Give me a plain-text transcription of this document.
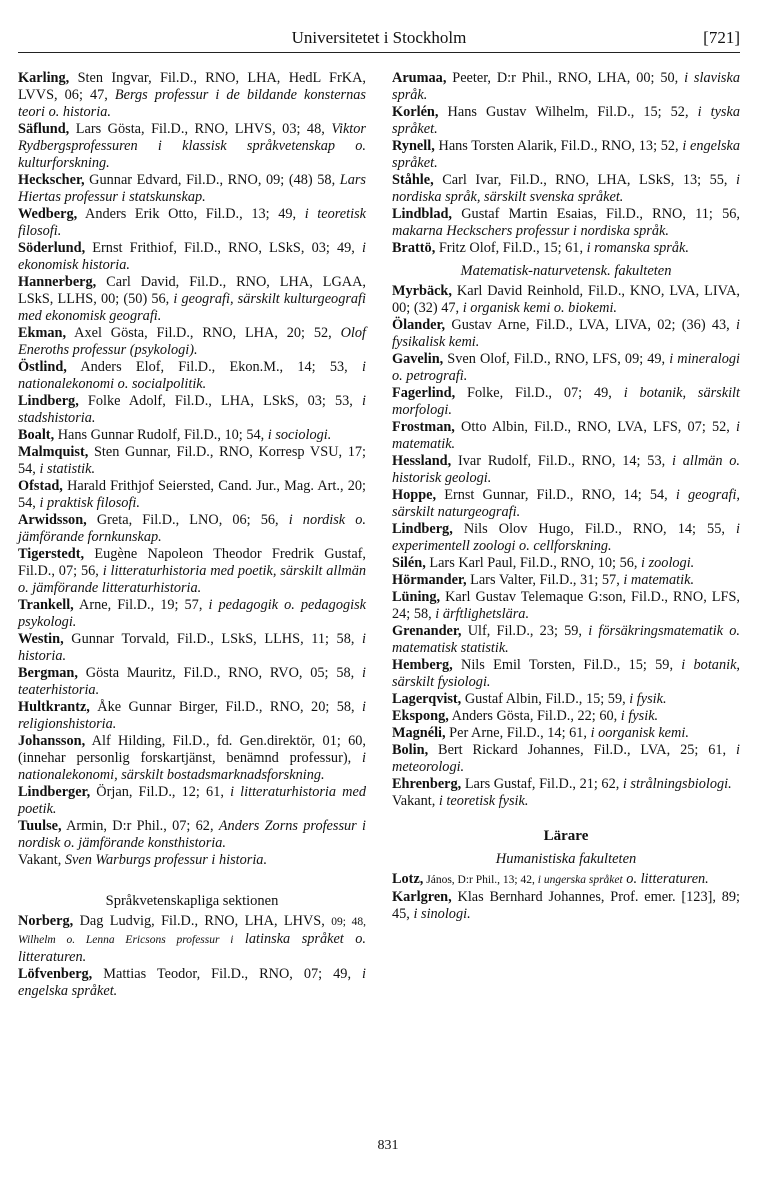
Universitetet i Stockholm	[721]
Karling, Sten Ingvar, Fil.D., RNO, LHA, HedL FrKA, LVVS, 06; 47, Bergs professur i de bildande konsternas teori o. historia.
Säflund, Lars Gösta, Fil.D., RNO, LHVS, 03; 48, Viktor Rydbergsprofessuren i klassisk språkvetenskap o. kulturforskning.
Heckscher, Gunnar Edvard, Fil.D., RNO, 09; (48) 58, Lars Hiertas professur i statskunskap.
Wedberg, Anders Erik Otto, Fil.D., 13; 49, i teoretisk filosofi.
Söderlund, Ernst Frithiof, Fil.D., RNO, LSkS, 03; 49, i ekonomisk historia.
Hannerberg, Carl David, Fil.D., RNO, LHA, LGAA, LSkS, LLHS, 00; (50) 56, i geografi, särskilt kulturgeografi med ekonomisk geografi.
Ekman, Axel Gösta, Fil.D., RNO, LHA, 20; 52, Olof Eneroths professur (psykologi).
Östlind, Anders Elof, Fil.D., Ekon.M., 14; 53, i nationalekonomi o. socialpolitik.
Lindberg, Folke Adolf, Fil.D., LHA, LSkS, 03; 53, i stadshistoria.
Boalt, Hans Gunnar Rudolf, Fil.D., 10; 54, i sociologi.
Malmquist, Sten Gunnar, Fil.D., RNO, Korresp VSU, 17; 54, i statistik.
Ofstad, Harald Frithjof Seiersted, Cand. Jur., Mag. Art., 20; 54, i praktisk filosofi.
Arwidsson, Greta, Fil.D., LNO, 06; 56, i nordisk o. jämförande fornkunskap.
Tigerstedt, Eugène Napoleon Theodor Fredrik Gustaf, Fil.D., 07; 56, i litteraturhistoria med poetik, särskilt allmän o. jämförande litteraturhistoria.
Trankell, Arne, Fil.D., 19; 57, i pedagogik o. pedagogisk psykologi.
Westin, Gunnar Torvald, Fil.D., LSkS, LLHS, 11; 58, i historia.
Bergman, Gösta Mauritz, Fil.D., RNO, RVO, 05; 58, i teaterhistoria.
Hultkrantz, Åke Gunnar Birger, Fil.D., RNO, 20; 58, i religionshistoria.
Johansson, Alf Hilding, Fil.D., fd. Gen.direktör, 01; 60, (innehar personlig forskartjänst, benämnd professur), i nationalekonomi, särskilt bostadsmarknadsforskning.
Lindberger, Örjan, Fil.D., 12; 61, i litteraturhistoria med poetik.
Tuulse, Armin, D:r Phil., 07; 62, Anders Zorns professur i nordisk o. jämförande konsthistoria.
Vakant, Sven Warburgs professur i historia.
Språkvetenskapliga sektionen
Norberg, Dag Ludvig, Fil.D., RNO, LHA, LHVS, 09; 48, Wilhelm o. Lenna Ericsons professur i latinska språket o. litteraturen.
Löfvenberg, Mattias Teodor, Fil.D., RNO, 07; 49, i engelska språket.
Arumaa, Peeter, D:r Phil., RNO, LHA, 00; 50, i slaviska språk.
Korlén, Hans Gustav Wilhelm, Fil.D., 15; 52, i tyska språket.
Rynell, Hans Torsten Alarik, Fil.D., RNO, 13; 52, i engelska språket.
Ståhle, Carl Ivar, Fil.D., RNO, LHA, LSkS, 13; 55, i nordiska språk, särskilt svenska språket.
Lindblad, Gustaf Martin Esaias, Fil.D., RNO, 11; 56, makarna Heckschers professur i nordiska språk.
Brattö, Fritz Olof, Fil.D., 15; 61, i romanska språk.
Matematisk-naturvetensk. fakulteten
Myrbäck, Karl David Reinhold, Fil.D., KNO, LVA, LIVA, 00; (32) 47, i organisk kemi o. biokemi.
Ölander, Gustav Arne, Fil.D., LVA, LIVA, 02; (36) 43, i fysikalisk kemi.
Gavelin, Sven Olof, Fil.D., RNO, LFS, 09; 49, i mineralogi o. petrografi.
Fagerlind, Folke, Fil.D., 07; 49, i botanik, särskilt morfologi.
Frostman, Otto Albin, Fil.D., RNO, LVA, LFS, 07; 52, i matematik.
Hessland, Ivar Rudolf, Fil.D., RNO, 14; 53, i allmän o. historisk geologi.
Hoppe, Ernst Gunnar, Fil.D., RNO, 14; 54, i geografi, särskilt naturgeografi.
Lindberg, Nils Olov Hugo, Fil.D., RNO, 14; 55, i experimentell zoologi o. cellforskning.
Silén, Lars Karl Paul, Fil.D., RNO, 10; 56, i zoologi.
Hörmander, Lars Valter, Fil.D., 31; 57, i matematik.
Lüning, Karl Gustav Telemaque G:son, Fil.D., RNO, LFS, 24; 58, i ärftlighetslära.
Grenander, Ulf, Fil.D., 23; 59, i försäkringsmatematik o. matematisk statistik.
Hemberg, Nils Emil Torsten, Fil.D., 15; 59, i botanik, särskilt fysiologi.
Lagerqvist, Gustaf Albin, Fil.D., 15; 59, i fysik.
Ekspong, Anders Gösta, Fil.D., 22; 60, i fysik.
Magnéli, Per Arne, Fil.D., 14; 61, i oorganisk kemi.
Bolin, Bert Rickard Johannes, Fil.D., LVA, 25; 61, i meteorologi.
Ehrenberg, Lars Gustaf, Fil.D., 21; 62, i strålningsbiologi.
Vakant, i teoretisk fysik.
Lärare
Humanistiska fakulteten
Lotz, János, D:r Phil., 13; 42, i ungerska språket o. litteraturen.
Karlgren, Klas Bernhard Johannes, Prof. emer. [123], 89; 45, i sinologi.
831
